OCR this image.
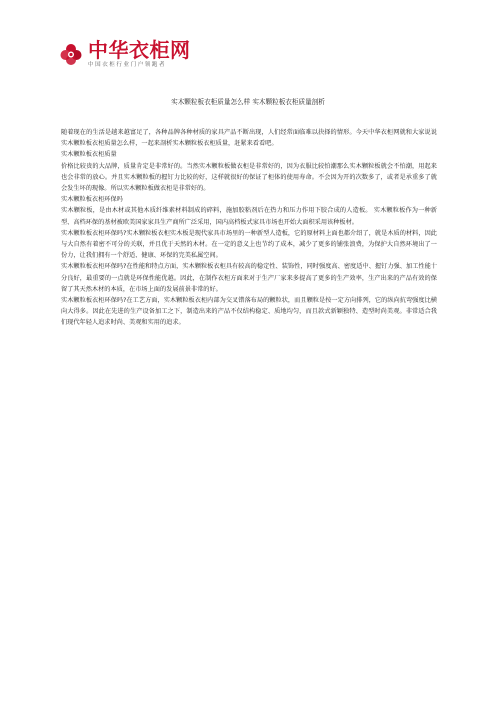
中华衣柜网
中国衣柜行业门户领跑者
实木颗粒板衣柜质量怎么样 实木颗粒板衣柜质量剖析

随着现在的生活是越来越富足了，各种品牌各种材质的家具产品不断出现，人们经常面临难以抉择的情形。今天中华衣柜网就和大家说说实木颗粒板衣柜质量怎么样，一起来剖析实木颗粒板衣柜质量，赶紧来看看吧。

实木颗粒板衣柜质量

价格比较贵的大品牌，质量肯定是非常好的。当然实木颗粒板做衣柜是非常好的，因为衣服比较怕潮那么实木颗粒板就会不怕潮，用起来也会非常的放心。并且实木颗粒板的握钉力比较的好，这样就很好的保证了柜体的使用寿命。不会因为开的次数多了，或者是承重多了就会发生坏的现像。所以实木颗粒板做衣柜是非常好的。

实木颗粒板衣柜环保吗

实木颗粒板，是由木材或其他木质纤维素材料制成的碎料，施加胶粘剂后在热力和压力作用下胶合成的人造板。 实木颗粒板作为一种新型、高档环保的基材被欧美国家家具生产商所广泛采用，国内高档板式家具市场也开始大面积采用该种板材。

实木颗粒板衣柜环保吗?实木颗粒板衣柜实木板是现代家具市场里的一种新型人造板，它的原材料上面也都介绍了，就是木质的材料，因此与大自然有着密不可分的关联，并且优于天然的木材。在一定的意义上也节约了成本，减少了更多的铺张浪费，为保护大自然环境出了一份力，让我们拥有一个舒适、健康、环保的完美私属空间。

实木颗粒板衣柜环保吗?在性能和特点方面，实木颗粒板衣柜具有较高的稳定性、装饰性，同时强度高、密度适中、握钉力强、加工性能十分良好，最重要的一点就是环保性能优越。因此，在制作衣柜方面来对于生产厂家来多提高了更多的生产效率，生产出来的产品有效的保留了其天然木材的本质，在市场上面的发展前景非常的好。

实木颗粒板衣柜环保吗?在工艺方面，实木颗粒板衣柜内部为交叉错落布局的颗粒状，而且颗粒是按一定方向排列，它的纵向抗弯强度比横向大得多。因此在先进的生产设备加工之下，制造出来的产品不仅结构稳定、质地均匀，而且款式新颖独特、造型时尚美观。非常适合我们现代年轻人追求时尚、美观和实用的追求。
